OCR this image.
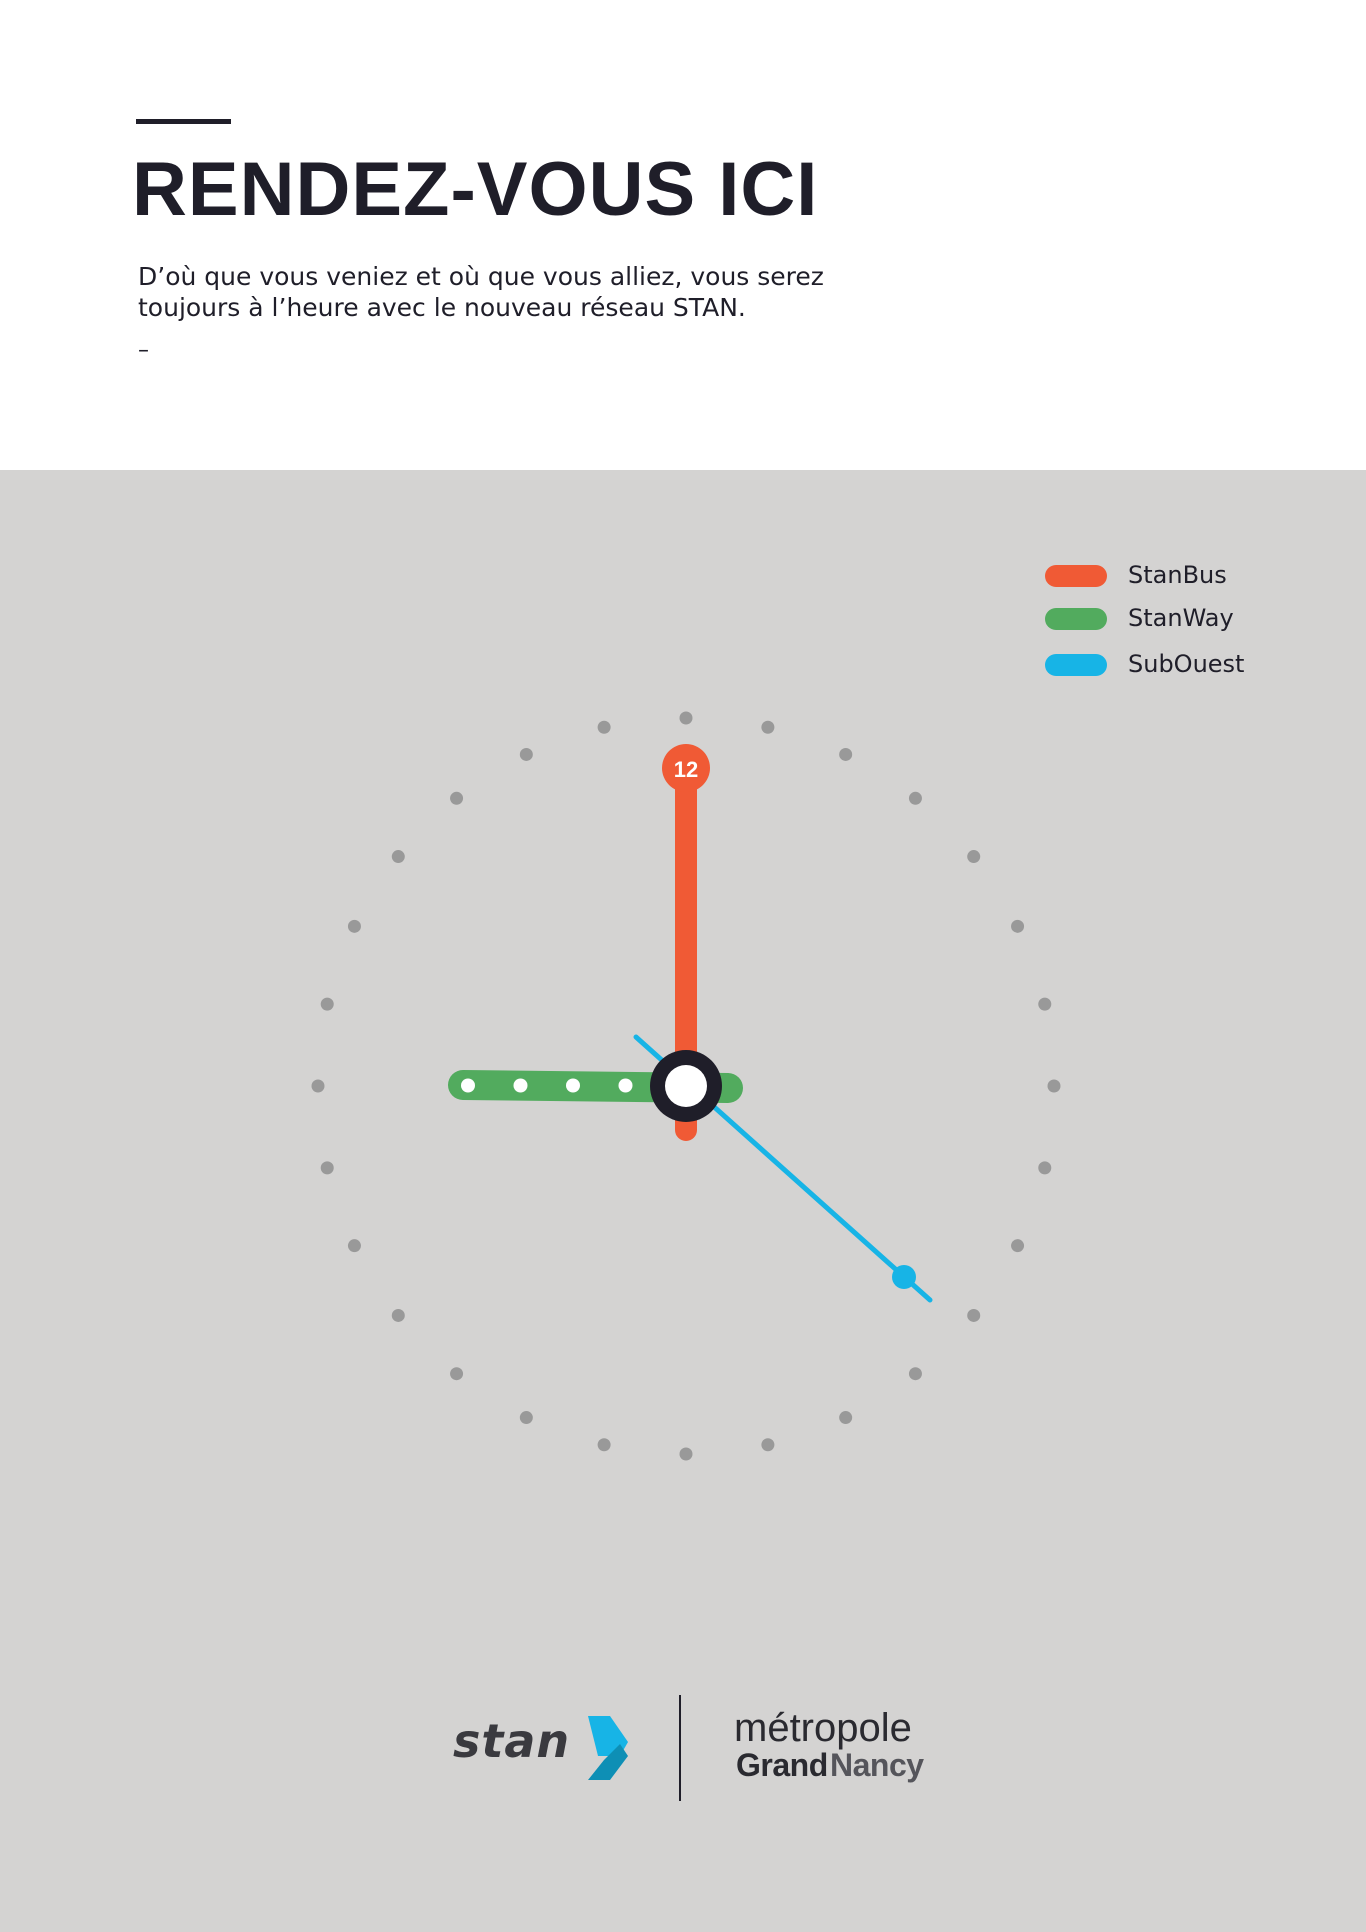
RENDEZ-VOUS ICI

D’où que vous veniez et où que vous alliez, vous serez
toujours à l’heure avec le nouveau réseau STAN.

–
12
StanBus
StanWay
SubOuest
stan	métropole
Grand Nancy
